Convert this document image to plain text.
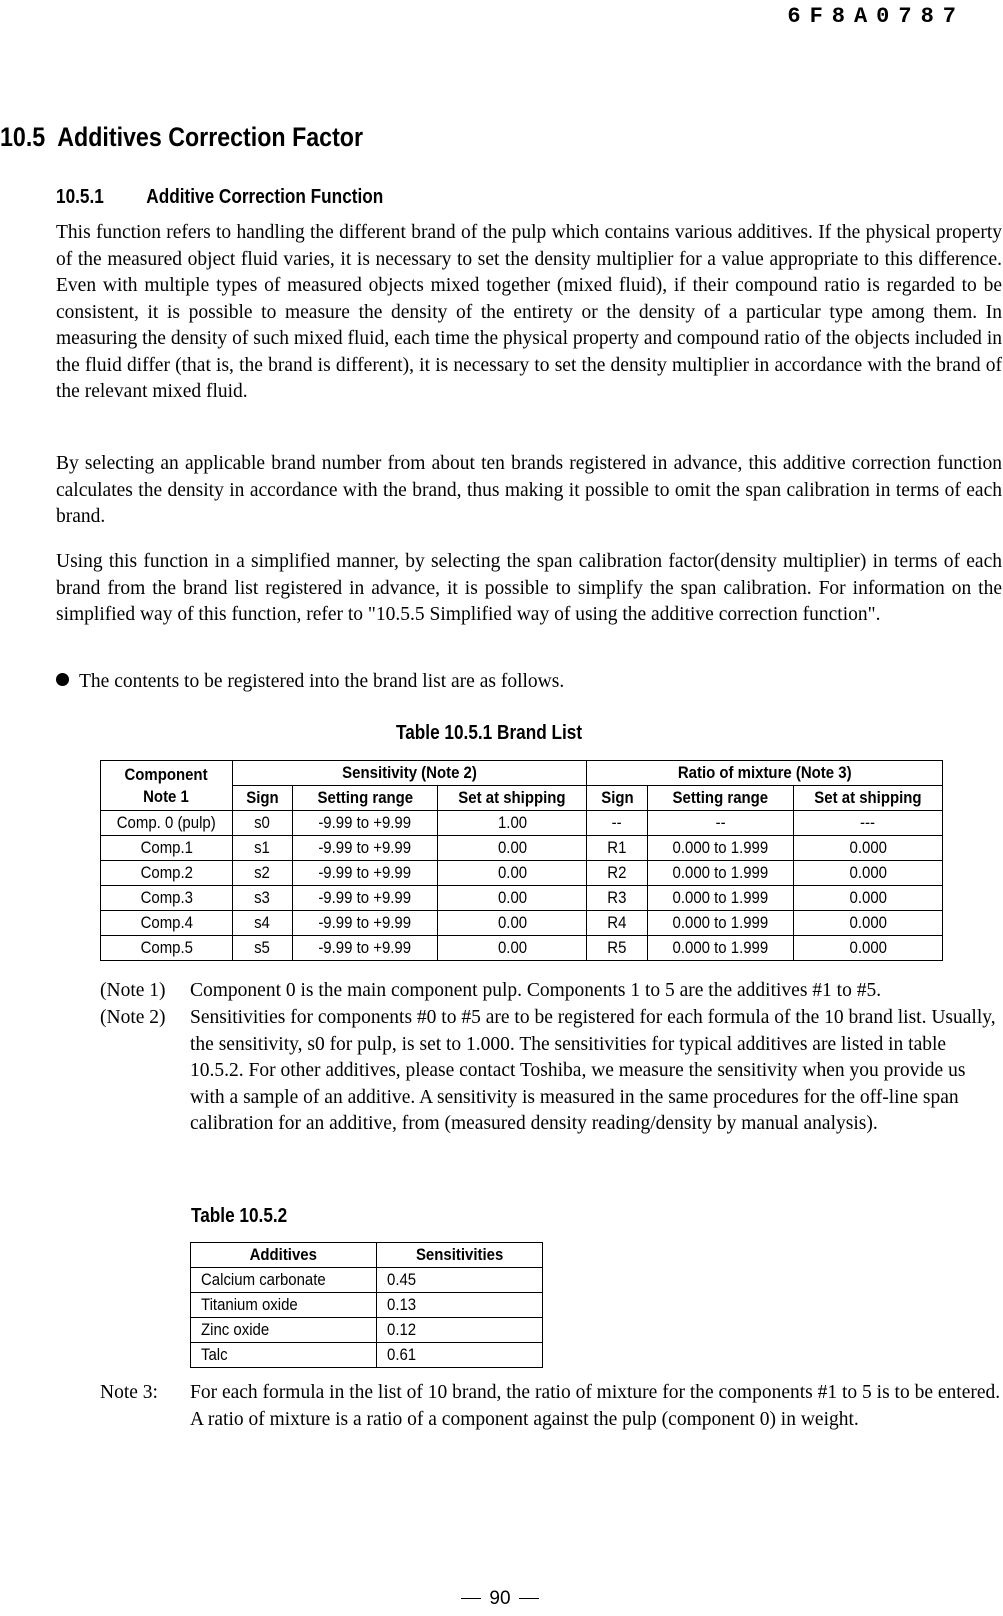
6F8A0787
10.5 Additives Correction Factor
10.5.1 Additive Correction Function
This function refers to handling the different brand of the pulp which contains various additives. If the physical property of the measured object fluid varies, it is necessary to set the density multiplier for a value appropriate to this difference. Even with multiple types of measured objects mixed together (mixed fluid), if their compound ratio is regarded to be consistent, it is possible to measure the density of the entirety or the density of a particular type among them. In measuring the density of such mixed fluid, each time the physical property and compound ratio of the objects included in the fluid differ (that is, the brand is different), it is necessary to set the density multiplier in accordance with the brand of the relevant mixed fluid.
By selecting an applicable brand number from about ten brands registered in advance, this additive correction function calculates the density in accordance with the brand, thus making it possible to omit the span calibration in terms of each brand.
Using this function in a simplified manner, by selecting the span calibration factor(density multiplier) in terms of each brand from the brand list registered in advance, it is possible to simplify the span calibration. For information on the simplified way of this function, refer to "10.5.5 Simplified way of using the additive correction function".
The contents to be registered into the brand list are as follows.
Table 10.5.1 Brand List
Component Note 1	Sensitivity (Note 2)			Ratio of mixture (Note 3)		
	Sign	Setting range	Set at shipping	Sign	Setting range	Set at shipping
Comp. 0 (pulp)	s0	-9.99 to +9.99	1.00	--	--	---
Comp.1	s1	-9.99 to +9.99	0.00	R1	0.000 to 1.999	0.000
Comp.2	s2	-9.99 to +9.99	0.00	R2	0.000 to 1.999	0.000
Comp.3	s3	-9.99 to +9.99	0.00	R3	0.000 to 1.999	0.000
Comp.4	s4	-9.99 to +9.99	0.00	R4	0.000 to 1.999	0.000
Comp.5	s5	-9.99 to +9.99	0.00	R5	0.000 to 1.999	0.000
(Note 1) Component 0 is the main component pulp. Components 1 to 5 are the additives #1 to #5.
(Note 2) Sensitivities for components #0 to #5 are to be registered for each formula of the 10 brand list. Usually, the sensitivity, s0 for pulp, is set to 1.000. The sensitivities for typical additives are listed in table 10.5.2. For other additives, please contact Toshiba, we measure the sensitivity when you provide us with a sample of an additive. A sensitivity is measured in the same procedures for the off-line span calibration for an additive, from (measured density reading/density by manual analysis).
Table 10.5.2
Additives	Sensitivities
Calcium carbonate	0.45
Titanium oxide	0.13
Zinc oxide	0.12
Talc	0.61
Note 3: For each formula in the list of 10 brand, the ratio of mixture for the components #1 to 5 is to be entered. A ratio of mixture is a ratio of a component against the pulp (component 0) in weight.
90
